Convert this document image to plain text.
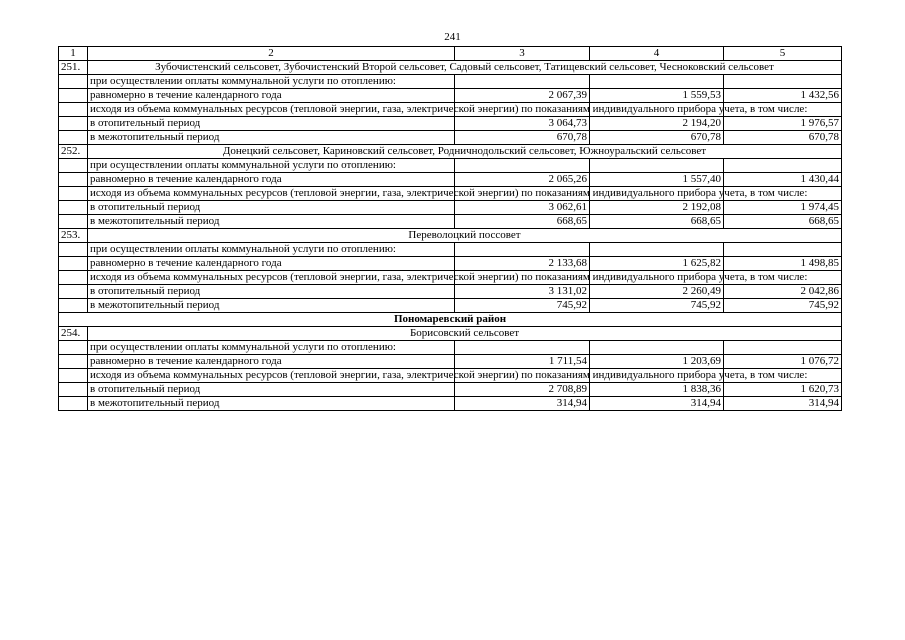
241
1	2	3	4	5
251.	Зубочистенский сельсовет, Зубочистенский Второй сельсовет, Садовый сельсовет, Татищевский сельсовет, Чесноковский сельсовет			
	при осуществлении оплаты коммунальной услуги по отоплению:			
	равномерно в течение календарного года	2 067,39	1 559,53	1 432,56
	исходя из объема коммунальных ресурсов (тепловой энергии, газа, электрической энергии) по показаниям индивидуального прибора учета, в том числе:			
	в отопительный период	3 064,73	2 194,20	1 976,57
	в межотопительный период	670,78	670,78	670,78
252.	Донецкий сельсовет, Кариновский сельсовет, Родничнодольский сельсовет, Южноуральский сельсовет			
	при осуществлении оплаты коммунальной услуги по отоплению:			
	равномерно в течение календарного года	2 065,26	1 557,40	1 430,44
	исходя из объема коммунальных ресурсов (тепловой энергии, газа, электрической энергии) по показаниям индивидуального прибора учета, в том числе:			
	в отопительный период	3 062,61	2 192,08	1 974,45
	в межотопительный период	668,65	668,65	668,65
253.	Переволоцкий поссовет			
	при осуществлении оплаты коммунальной услуги по отоплению:			
	равномерно в течение календарного года	2 133,68	1 625,82	1 498,85
	исходя из объема коммунальных ресурсов (тепловой энергии, газа, электрической энергии) по показаниям индивидуального прибора учета, в том числе:			
	в отопительный период	3 131,02	2 260,49	2 042,86
	в межотопительный период	745,92	745,92	745,92
Пономаревский район				
254.	Борисовский сельсовет			
	при осуществлении оплаты коммунальной услуги по отоплению:			
	равномерно в течение календарного года	1 711,54	1 203,69	1 076,72
	исходя из объема коммунальных ресурсов (тепловой энергии, газа, электрической энергии) по показаниям индивидуального прибора учета, в том числе:			
	в отопительный период	2 708,89	1 838,36	1 620,73
	в межотопительный период	314,94	314,94	314,94
